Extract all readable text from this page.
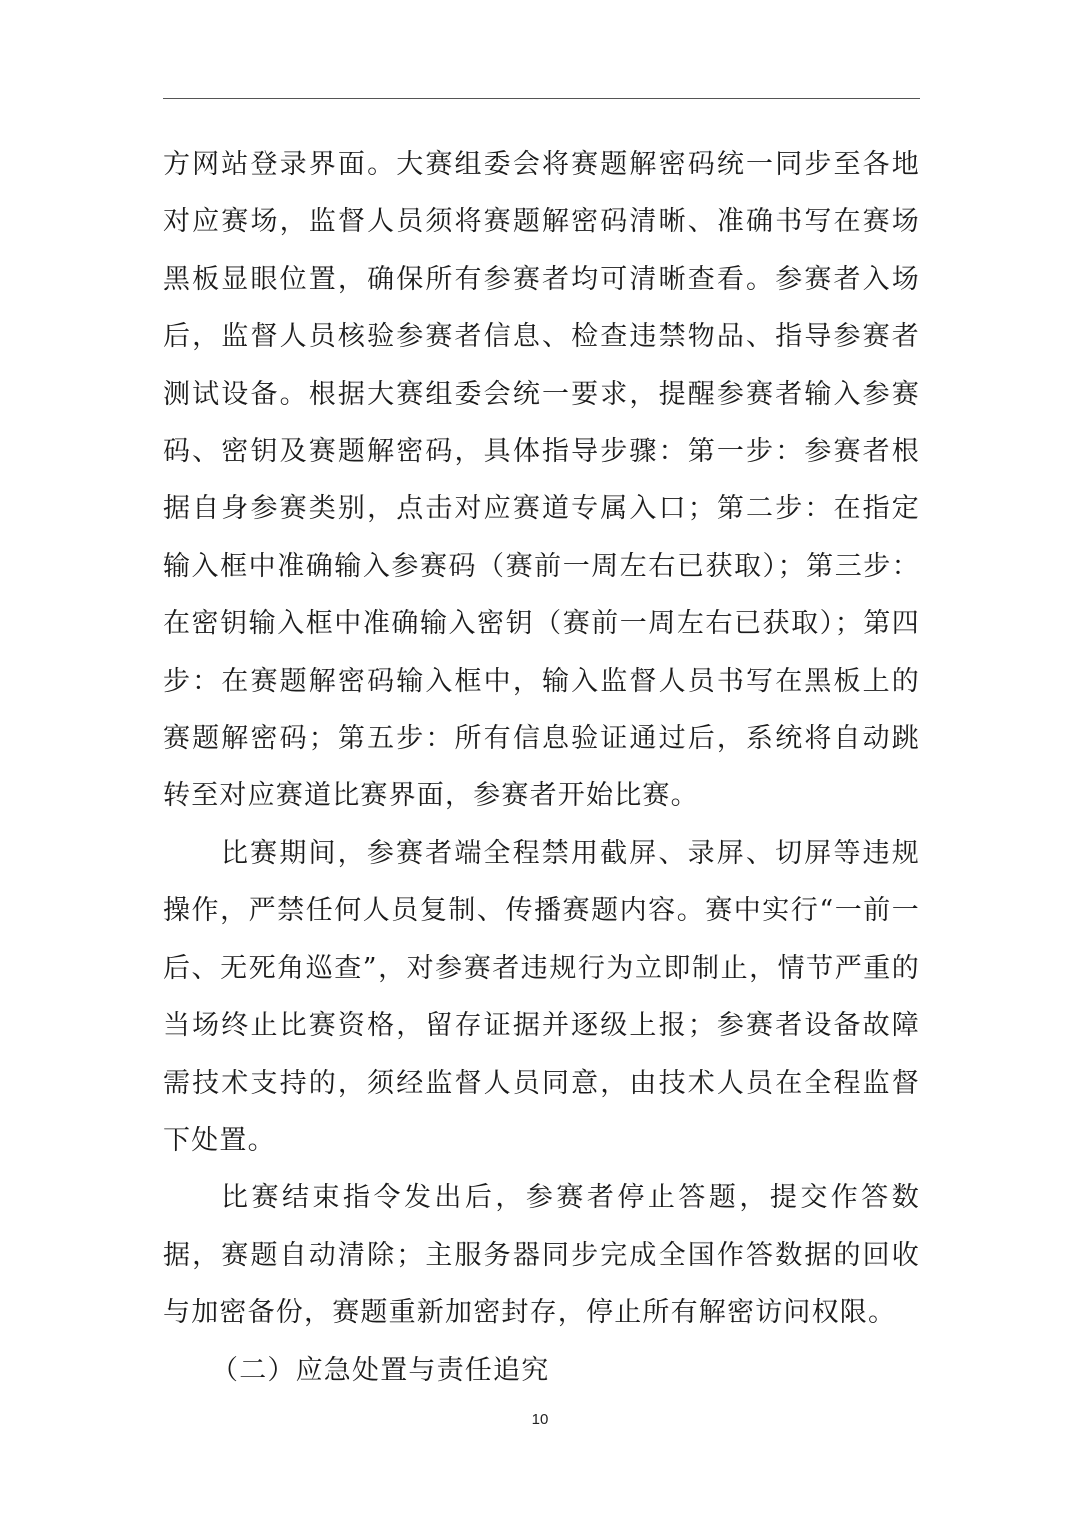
方网站登录界面。大赛组委会将赛题解密码统一同步至各地对应赛场，监督人员须将赛题解密码清晰、准确书写在赛场黑板显眼位置，确保所有参赛者均可清晰查看。参赛者入场后，监督人员核验参赛者信息、检查违禁物品、指导参赛者测试设备。根据大赛组委会统一要求，提醒参赛者输入参赛码、密钥及赛题解密码，具体指导步骤：第一步：参赛者根据自身参赛类别，点击对应赛道专属入口；第二步：在指定输入框中准确输入参赛码（赛前一周左右已获取）；第三步：在密钥输入框中准确输入密钥（赛前一周左右已获取）；第四步：在赛题解密码输入框中，输入监督人员书写在黑板上的赛题解密码；第五步：所有信息验证通过后，系统将自动跳转至对应赛道比赛界面，参赛者开始比赛。

比赛期间，参赛者端全程禁用截屏、录屏、切屏等违规操作，严禁任何人员复制、传播赛题内容。赛中实行“一前一后、无死角巡查”，对参赛者违规行为立即制止，情节严重的当场终止比赛资格，留存证据并逐级上报；参赛者设备故障需技术支持的，须经监督人员同意，由技术人员在全程监督下处置。

比赛结束指令发出后，参赛者停止答题，提交作答数据，赛题自动清除；主服务器同步完成全国作答数据的回收与加密备份，赛题重新加密封存，停止所有解密访问权限。

（二）应急处置与责任追究

10
